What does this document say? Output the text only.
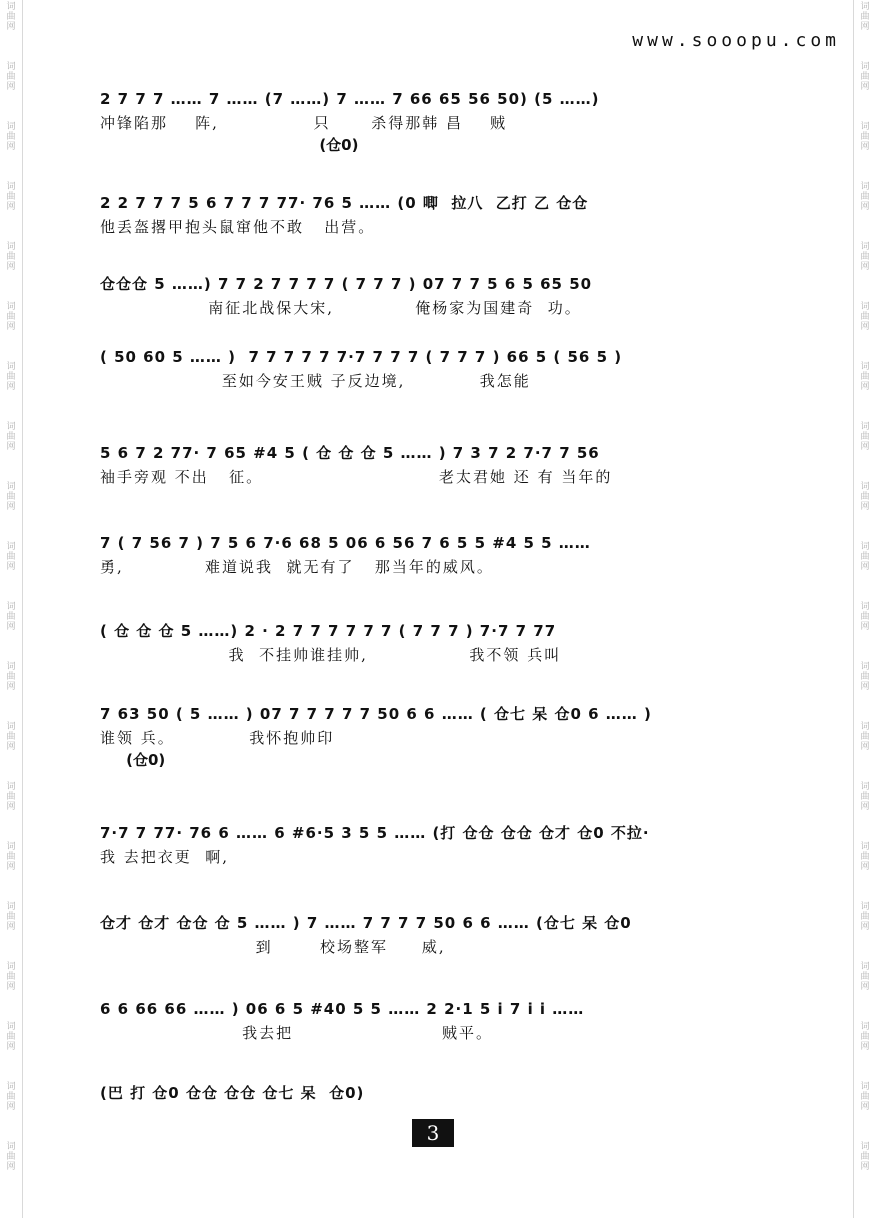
词
曲
网
词
曲
网
词
曲
网
词
曲
网
词
曲
网
词
曲
网
词
曲
网
词
曲
网
词
曲
网
词
曲
网
词
曲
网
词
曲
网
词
曲
网
词
曲
网
词
曲
网
词
曲
网
词
曲
网
词
曲
网
词
曲
网
词
曲
网
词
曲
网
词
曲
网
词
曲
网
词
曲
网
词
曲
网
词
曲
网
词
曲
网
词
曲
网
词
曲
网
词
曲
网
词
曲
网
词
曲
网
词
曲
网
词
曲
网
词
曲
网
词
曲
网
词
曲
网
词
曲
网
词
曲
网
词
曲
网
www.sooopu.com
2 7 7 7 …… 7 …… (7 ……) 7 …… 7 66 65 56 50) (5 ……)
冲锋陷那    阵,              只      杀得那韩 昌    贼
(仓0)
2 2 7 7 7 5 6 7 7 7 77· 76 5 …… (0 唧  拉八  乙打 乙 仓仓
他丢盔撂甲抱头鼠窜他不敢   出营。
仓仓仓 5 ……) 7 7 2 7 7 7 7 ( 7 7 7 ) 07 7 7 5 6 5 65 50
南征北战保大宋,            俺杨家为国建奇  功。
( 50 60 5 …… )  7 7 7 7 7 7·7 7 7 7 ( 7 7 7 ) 66 5 ( 56 5 )
至如今安王贼 子反边境,           我怎能
5 6 7 2 77· 7 65 #4 5 ( 仓 仓 仓 5 …… ) 7 3 7 2 7·7 7 56
袖手旁观 不出   征。                          老太君她 还 有 当年的
7 ( 7 56 7 ) 7 5 6 7·6 68 5 06 6 56 7 6 5 5 #4 5 5 ……
勇,            难道说我  就无有了   那当年的威风。
( 仓 仓 仓 5 ……) 2 · 2 7 7 7 7 7 7 ( 7 7 7 ) 7·7 7 77
我  不挂帅谁挂帅,               我不领 兵叫
7 63 50 ( 5 …… ) 07 7 7 7 7 7 50 6 6 …… ( 仓七 呆 仓0 6 …… )
谁领 兵。           我怀抱帅印
(仓0)
7·7 7 77· 76 6 …… 6 #6·5 3 5 5 …… (打 仓仓 仓仓 仓才 仓0 不拉·
我 去把衣更  啊,
仓才 仓才 仓仓 仓 5 …… ) 7 …… 7 7 7 7 50 6 6 …… (仓七 呆 仓0
到       校场整军     威,
6 6 66 66 …… ) 06 6 5 #40 5 5 …… 2 2·1 5 i 7 i i ……
我去把                      贼平。
(巴 打 仓0 仓仓 仓仓 仓七 呆  仓0)
3
